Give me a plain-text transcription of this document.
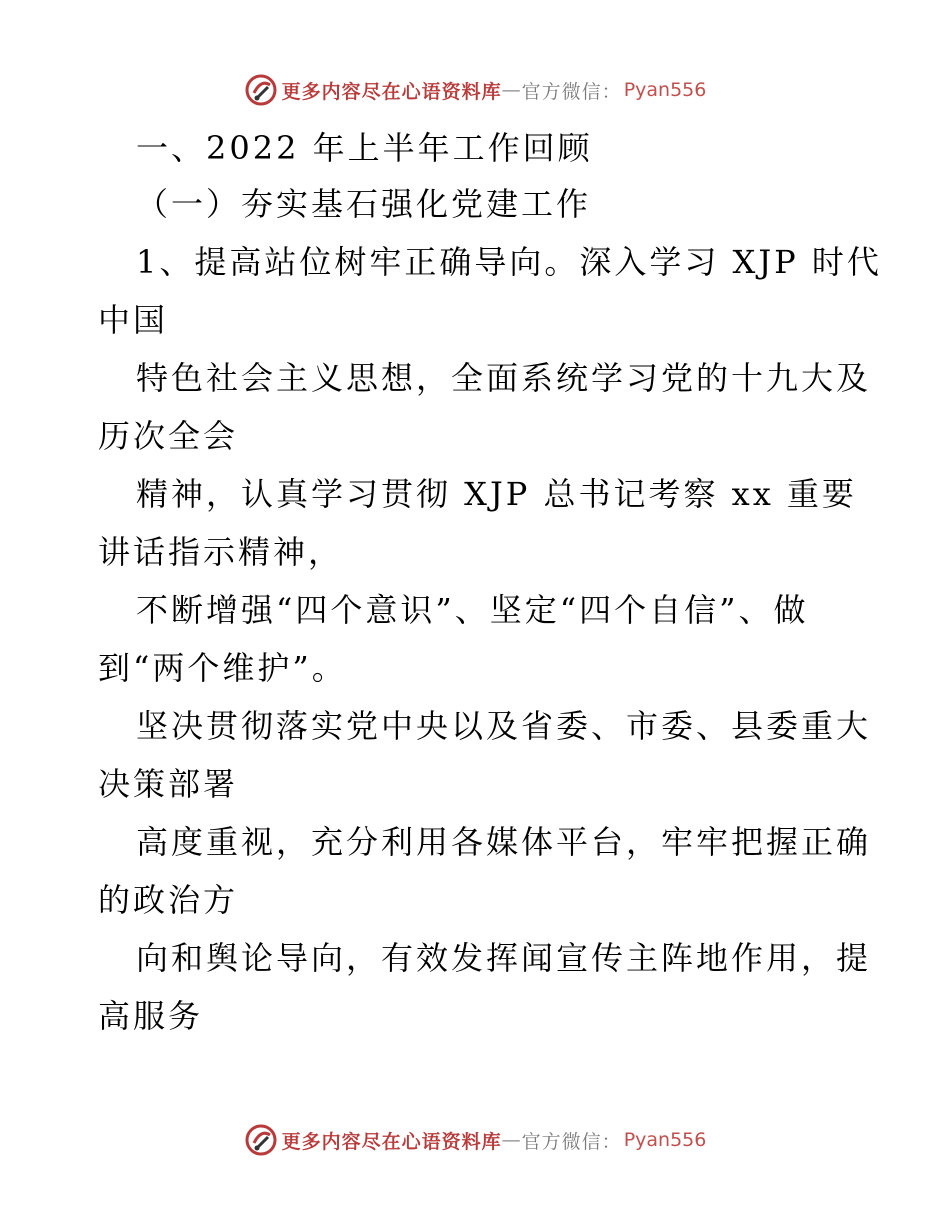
更多内容尽在心语资料库 — 官方微信： Pyan556
一、2022 年上半年工作回顾
（一）夯实基石强化党建工作
1、提高站位树牢正确导向。深入学习 XJP 时代
中国
特色社会主义思想，全面系统学习党的十九大及
历次全会
精神，认真学习贯彻 XJP 总书记考察 xx 重要
讲话指示精神，
不断增强“四个意识”、坚定“四个自信”、做
到“两个维护”。
坚决贯彻落实党中央以及省委、市委、县委重大
决策部署
高度重视，充分利用各媒体平台，牢牢把握正确
的政治方
向和舆论导向，有效发挥闻宣传主阵地作用，提
高服务
更多内容尽在心语资料库 — 官方微信： Pyan556
